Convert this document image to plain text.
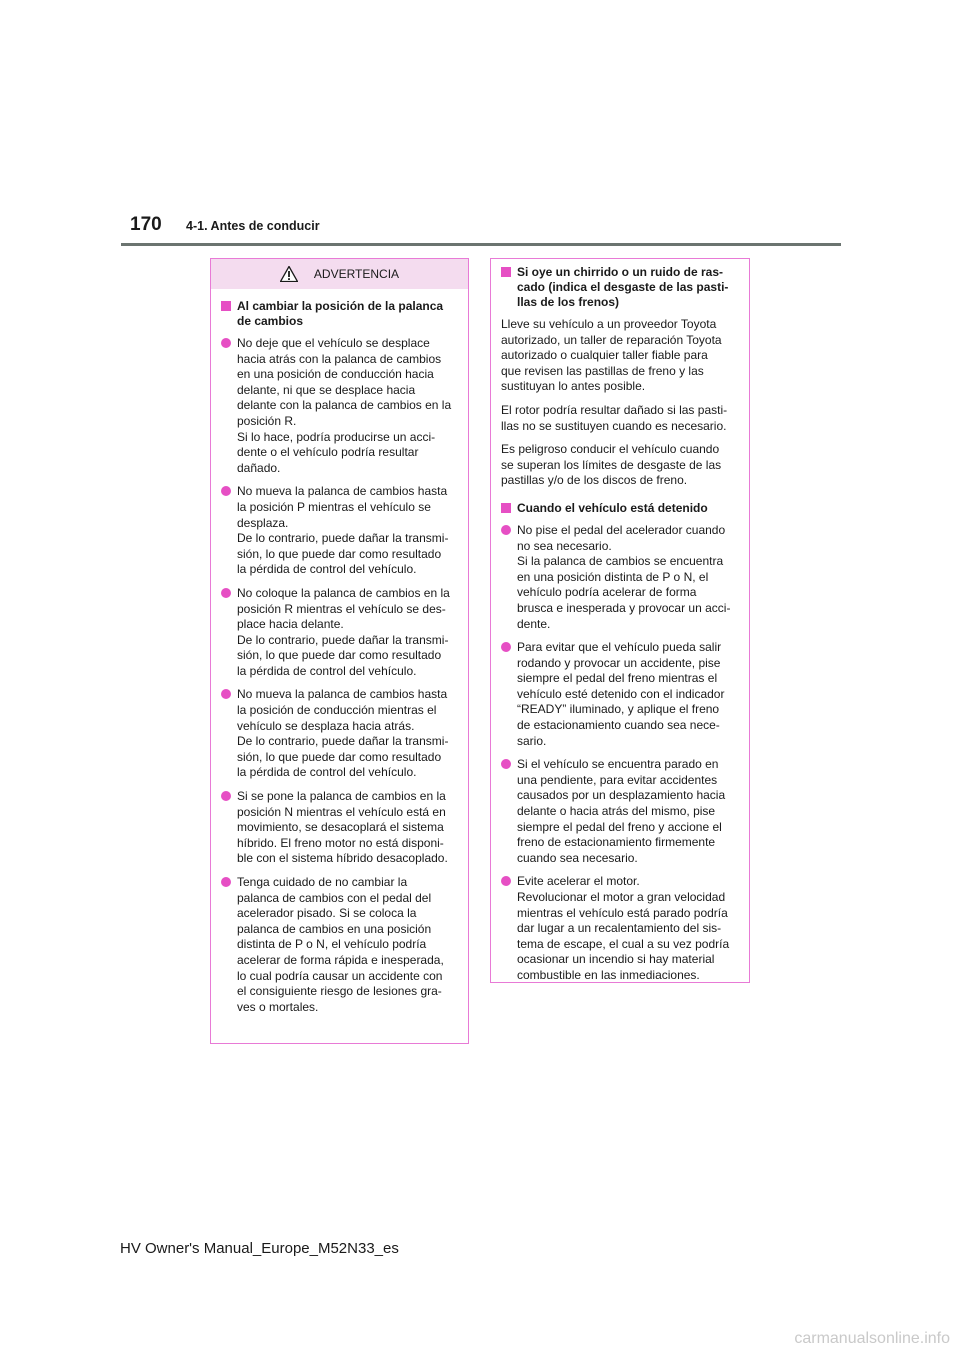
170 4-1. Antes de conducir
ADVERTENCIA
Al cambiar la posición de la palanca
de cambios
No deje que el vehículo se desplace
hacia atrás con la palanca de cambios
en una posición de conducción hacia
delante, ni que se desplace hacia
delante con la palanca de cambios en la
posición R.
Si lo hace, podría producirse un acci-
dente o el vehículo podría resultar
dañado.
No mueva la palanca de cambios hasta
la posición P mientras el vehículo se
desplaza.
De lo contrario, puede dañar la transmi-
sión, lo que puede dar como resultado
la pérdida de control del vehículo.
No coloque la palanca de cambios en la
posición R mientras el vehículo se des-
place hacia delante.
De lo contrario, puede dañar la transmi-
sión, lo que puede dar como resultado
la pérdida de control del vehículo.
No mueva la palanca de cambios hasta
la posición de conducción mientras el
vehículo se desplaza hacia atrás.
De lo contrario, puede dañar la transmi-
sión, lo que puede dar como resultado
la pérdida de control del vehículo.
Si se pone la palanca de cambios en la
posición N mientras el vehículo está en
movimiento, se desacoplará el sistema
híbrido. El freno motor no está disponi-
ble con el sistema híbrido desacoplado.
Tenga cuidado de no cambiar la
palanca de cambios con el pedal del
acelerador pisado. Si se coloca la
palanca de cambios en una posición
distinta de P o N, el vehículo podría
acelerar de forma rápida e inesperada,
lo cual podría causar un accidente con
el consiguiente riesgo de lesiones gra-
ves o mortales.
Si oye un chirrido o un ruido de ras-
cado (indica el desgaste de las pasti-
llas de los frenos)
Lleve su vehículo a un proveedor Toyota
autorizado, un taller de reparación Toyota
autorizado o cualquier taller fiable para
que revisen las pastillas de freno y las
sustituyan lo antes posible.
El rotor podría resultar dañado si las pasti-
llas no se sustituyen cuando es necesario.
Es peligroso conducir el vehículo cuando
se superan los límites de desgaste de las
pastillas y/o de los discos de freno.
Cuando el vehículo está detenido
No pise el pedal del acelerador cuando
no sea necesario.
Si la palanca de cambios se encuentra
en una posición distinta de P o N, el
vehículo podría acelerar de forma
brusca e inesperada y provocar un acci-
dente.
Para evitar que el vehículo pueda salir
rodando y provocar un accidente, pise
siempre el pedal del freno mientras el
vehículo esté detenido con el indicador
“READY” iluminado, y aplique el freno
de estacionamiento cuando sea nece-
sario.
Si el vehículo se encuentra parado en
una pendiente, para evitar accidentes
causados por un desplazamiento hacia
delante o hacia atrás del mismo, pise
siempre el pedal del freno y accione el
freno de estacionamiento firmemente
cuando sea necesario.
Evite acelerar el motor.
Revolucionar el motor a gran velocidad
mientras el vehículo está parado podría
dar lugar a un recalentamiento del sis-
tema de escape, el cual a su vez podría
ocasionar un incendio si hay material
combustible en las inmediaciones.
HV Owner's Manual_Europe_M52N33_es
carmanualsonline.info
